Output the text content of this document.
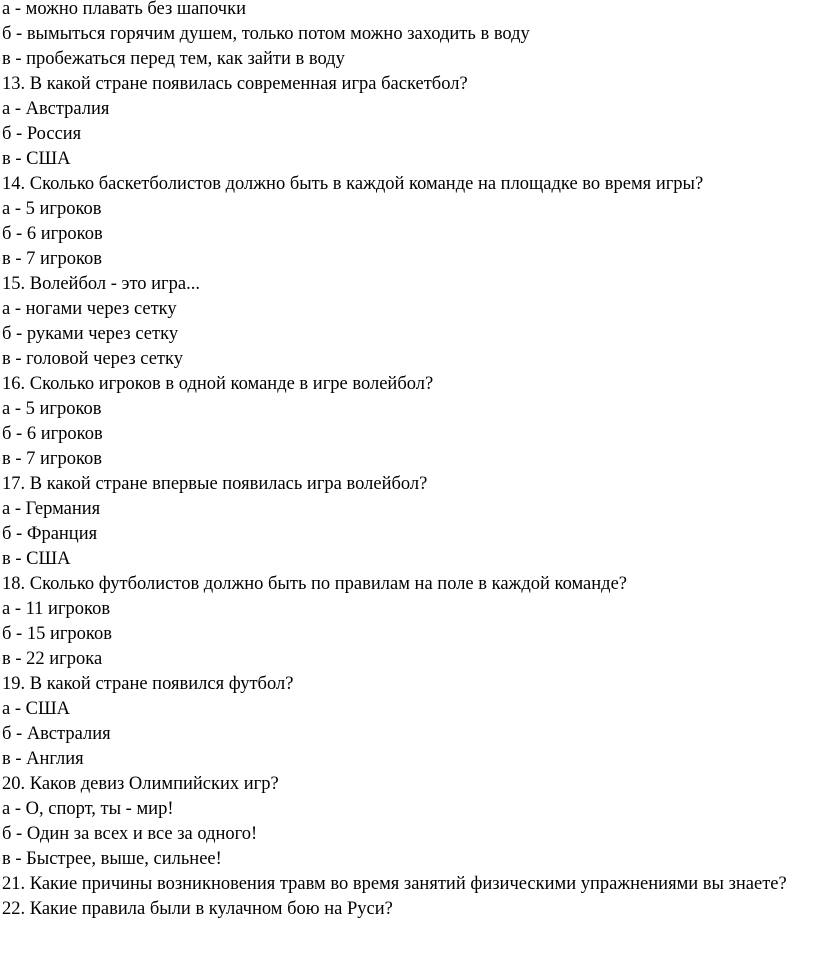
а - можно плавать без шапочки
б - вымыться горячим душем, только потом можно заходить в воду
в - пробежаться перед тем, как зайти в воду
13. В какой стране появилась современная игра баскетбол?
а - Австралия
б - Россия
в - США
14. Сколько баскетболистов должно быть в каждой команде на площадке во время игры?
а - 5 игроков
б - 6 игроков
в - 7 игроков
15. Волейбол - это игра...
а - ногами через сетку
б - руками через сетку
в - головой через сетку
16. Сколько игроков в одной команде в игре волейбол?
а - 5 игроков
б - 6 игроков
в - 7 игроков
17. В какой стране впервые появилась игра волейбол?
а - Германия
б - Франция
в - США
18. Сколько футболистов должно быть по правилам на поле в каждой команде?
а - 11 игроков
б - 15 игроков
в - 22 игрока
19. В какой стране появился футбол?
а - США
б - Австралия
в - Англия
20. Каков девиз Олимпийских игр?
а - О, спорт, ты - мир!
б - Один за всех и все за одного!
в - Быстрее, выше, сильнее!
21. Какие причины возникновения травм во время занятий физическими упражнениями вы знаете?
22. Какие правила были в кулачном бою на Руси?
